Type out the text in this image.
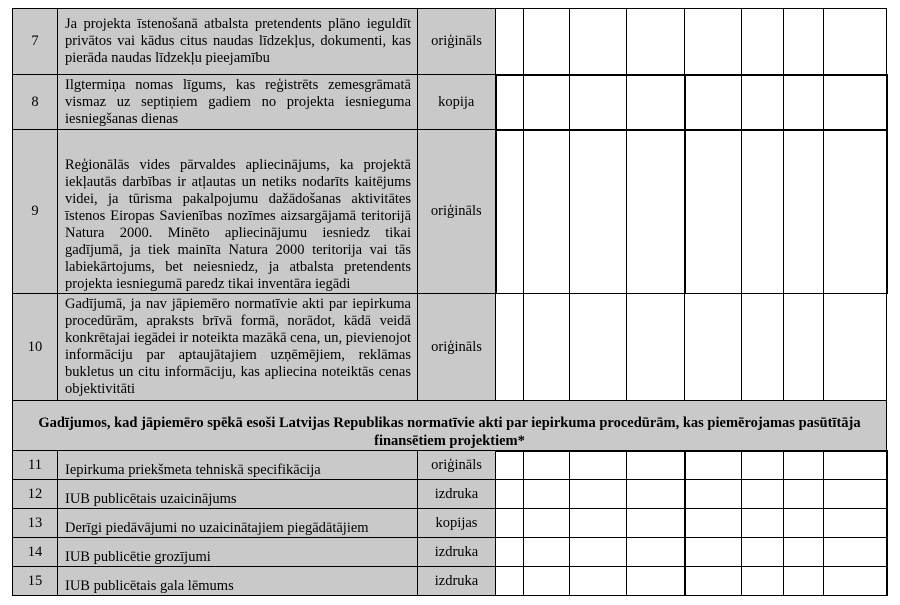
7	Ja projekta īstenošanā atbalsta pretendents plāno ieguldīt privātos vai kādus citus naudas līdzekļus, dokumenti, kas pierāda naudas līdzekļu pieejamību	oriģināls								
8	Ilgtermiņa nomas līgums, kas reģistrēts zemesgrāmatā vismaz uz septiņiem gadiem no projekta iesnieguma iesniegšanas dienas	kopija								
9	Reģionālās vides pārvaldes apliecinājums, ka projektā iekļautās darbības ir atļautas un netiks nodarīts kaitējums videi, ja tūrisma pakalpojumu dažādošanas aktivitātes īstenos Eiropas Savienības nozīmes aizsargājamā teritorijā Natura 2000. Minēto apliecinājumu iesniedz tikai gadījumā, ja tiek mainīta Natura 2000 teritorija vai tās labiekārtojums, bet neiesniedz, ja atbalsta pretendents projekta iesniegumā paredz tikai inventāra iegādi	oriģināls								
10	Gadījumā, ja nav jāpiemēro normatīvie akti par iepirkuma procedūrām, apraksts brīvā formā, norādot, kādā veidā konkrētajai iegādei ir noteikta mazākā cena, un, pievienojot informāciju par aptaujātajiem uzņēmējiem, reklāmas bukletus un citu informāciju, kas apliecina noteiktās cenas objektivitāti	oriģināls								
Gadījumos, kad jāpiemēro spēkā esoši Latvijas Republikas normatīvie akti par iepirkuma procedūrām, kas piemērojamas pasūtītāja finansētiem projektiem*										
11	Iepirkuma priekšmeta tehniskā specifikācija	oriģināls								
12	IUB publicētais uzaicinājums	izdruka								
13	Derīgi piedāvājumi no uzaicinātajiem piegādātājiem	kopijas								
14	IUB publicētie grozījumi	izdruka								
15	IUB publicētais gala lēmums	izdruka								
